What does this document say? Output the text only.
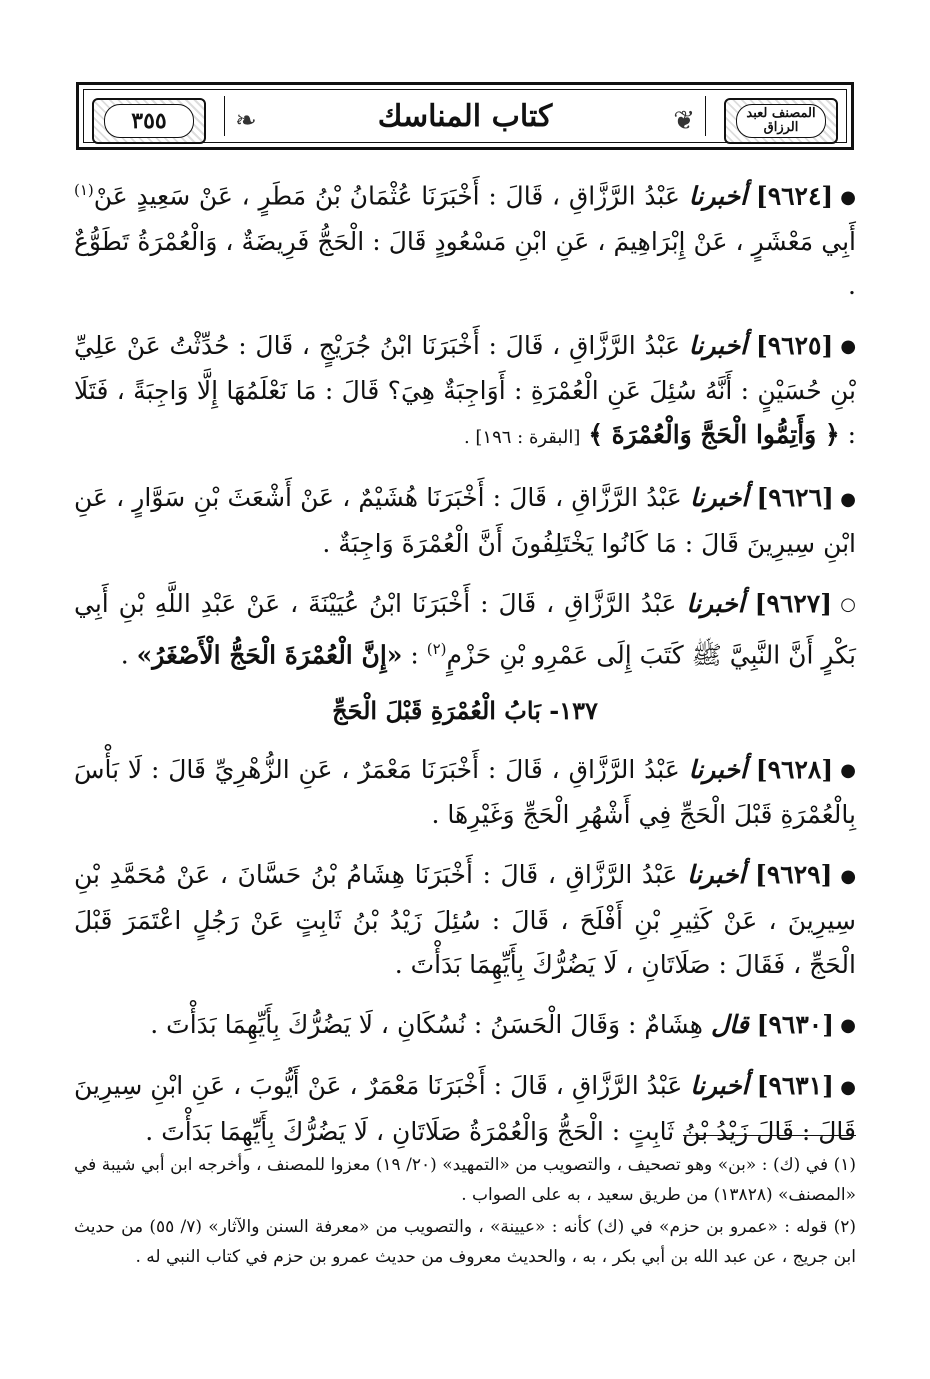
المصنف لعبد الرزاق
❦
كتاب المناسك
❧
٣٥٥

● [٩٦٢٤] أخبرنا عَبْدُ الرَّزَّاقِ ، قَالَ : أَخْبَرَنَا عُثْمَانُ بْنُ مَطَرٍ ، عَنْ سَعِيدٍ عَنْ$^{(١)}$ أَبِي مَعْشَرٍ ، عَنْ إِبْرَاهِيمَ ، عَنِ ابْنِ مَسْعُودٍ قَالَ : الْحَجُّ فَرِيضَةٌ ، وَالْعُمْرَةُ تَطَوُّعٌ .

● [٩٦٢٥] أخبرنا عَبْدُ الرَّزَّاقِ ، قَالَ : أَخْبَرَنَا ابْنُ جُرَيْجٍ ، قَالَ : حُدِّثْتُ عَنْ عَلِيِّ بْنِ حُسَيْنٍ : أَنَّهُ سُئِلَ عَنِ الْعُمْرَةِ : أَوَاجِبَةٌ هِيَ؟ قَالَ : مَا نَعْلَمُهَا إِلَّا وَاجِبَةً ، فَتَلَا : ﴿ وَأَتِمُّوا الْحَجَّ وَالْعُمْرَةَ ﴾ [البقرة : ١٩٦] .

● [٩٦٢٦] أخبرنا عَبْدُ الرَّزَّاقِ ، قَالَ : أَخْبَرَنَا هُشَيْمٌ ، عَنْ أَشْعَثَ بْنِ سَوَّارٍ ، عَنِ ابْنِ سِيرِينَ قَالَ : مَا كَانُوا يَخْتَلِفُونَ أَنَّ الْعُمْرَةَ وَاجِبَةٌ .

○ [٩٦٢٧] أخبرنا عَبْدُ الرَّزَّاقِ ، قَالَ : أَخْبَرَنَا ابْنُ عُيَيْنَةَ ، عَنْ عَبْدِ اللَّهِ بْنِ أَبِي بَكْرٍ أَنَّ النَّبِيَّ ﷺ كَتَبَ إِلَى عَمْرِو بْنِ حَزْمٍ$^{(٢)}$ : «إِنَّ الْعُمْرَةَ الْحَجُّ الْأَصْغَرُ» .

١٣٧- بَابُ الْعُمْرَةِ قَبْلَ الْحَجِّ

● [٩٦٢٨] أخبرنا عَبْدُ الرَّزَّاقِ ، قَالَ : أَخْبَرَنَا مَعْمَرٌ ، عَنِ الزُّهْرِيِّ قَالَ : لَا بَأْسَ بِالْعُمْرَةِ قَبْلَ الْحَجِّ فِي أَشْهُرِ الْحَجِّ وَغَيْرِهَا .

● [٩٦٢٩] أخبرنا عَبْدُ الرَّزَّاقِ ، قَالَ : أَخْبَرَنَا هِشَامُ بْنُ حَسَّانَ ، عَنْ مُحَمَّدِ بْنِ سِيرِينَ ، عَنْ كَثِيرِ بْنِ أَفْلَحَ ، قَالَ : سُئِلَ زَيْدُ بْنُ ثَابِتٍ عَنْ رَجُلٍ اعْتَمَرَ قَبْلَ الْحَجِّ ، فَقَالَ : صَلَاتَانِ ، لَا يَضُرُّكَ بِأَيِّهِمَا بَدَأْتَ .

● [٩٦٣٠] قال هِشَامٌ : وَقَالَ الْحَسَنُ : نُسُكَانِ ، لَا يَضُرُّكَ بِأَيِّهِمَا بَدَأْتَ .

● [٩٦٣١] أخبرنا عَبْدُ الرَّزَّاقِ ، قَالَ : أَخْبَرَنَا مَعْمَرٌ ، عَنْ أَيُّوبَ ، عَنِ ابْنِ سِيرِينَ قَالَ : قَالَ زَيْدُ بْنُ ثَابِتٍ : الْحَجُّ وَالْعُمْرَةُ صَلَاتَانِ ، لَا يَضُرُّكَ بِأَيِّهِمَا بَدَأْتَ .

(١) في (ك) : «بن» وهو تصحيف ، والتصويب من «التمهيد» (٢٠/ ١٩) معزوا للمصنف ، وأخرجه ابن أبي شيبة في «المصنف» (١٣٨٢٨) من طريق سعيد ، به على الصواب .

(٢) قوله : «عمرو بن حزم» في (ك) كأنه : «عيينة» ، والتصويب من «معرفة السنن والآثار» (٧/ ٥٥) من حديث ابن جريج ، عن عبد الله بن أبي بكر ، به ، والحديث معروف من حديث عمرو بن حزم في كتاب النبي له .
